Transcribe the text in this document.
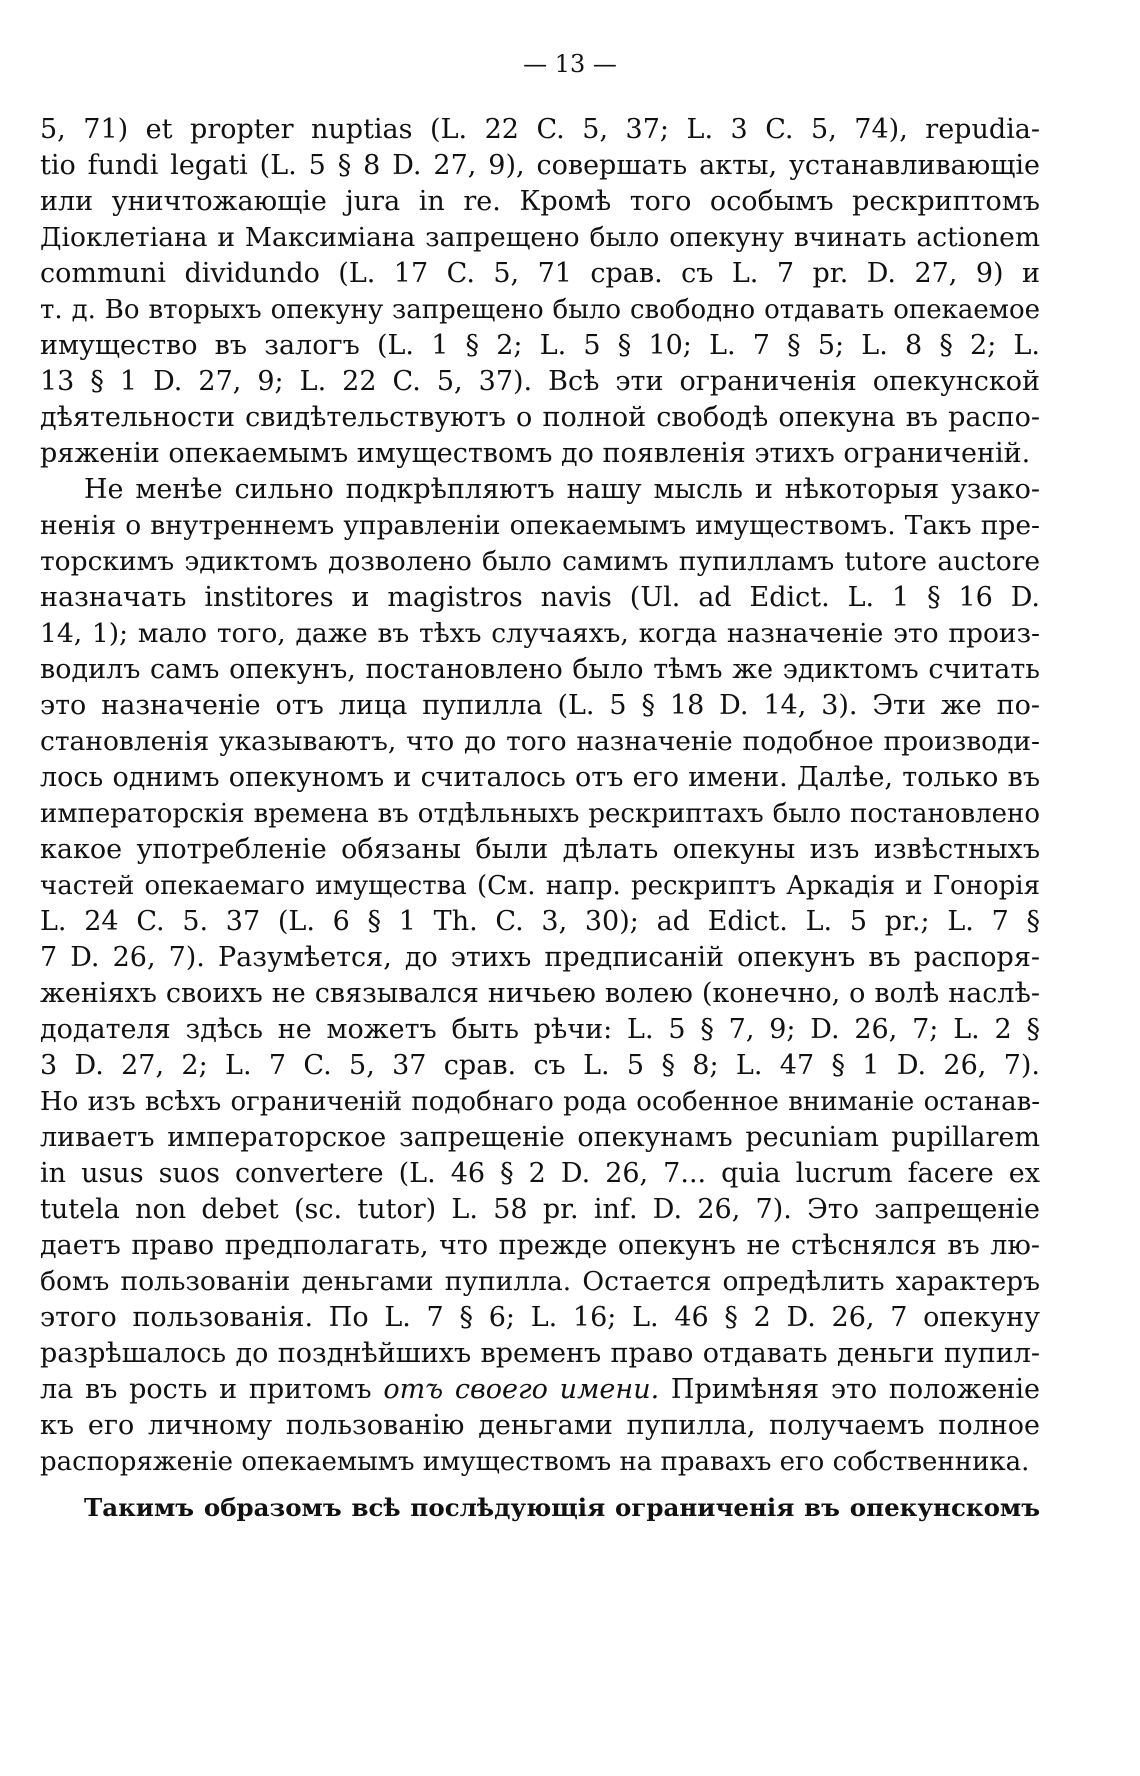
— 13 —
5, 71) et propter nuptias (L. 22 C. 5, 37; L. 3 C. 5, 74), repudia-
tio fundi legati (L. 5 § 8 D. 27, 9), совершать акты, устанавливающіе
или уничтожающіе jura in re. Кромѣ того особымъ рескриптомъ
Діоклетіана и Максиміана запрещено было опекуну вчинать actionem
communi dividundo (L. 17 C. 5, 71 срав. съ L. 7 pr. D. 27, 9) и
т. д. Во вторыхъ опекуну запрещено было свободно отдавать опекаемое
имущество въ залогъ (L. 1 § 2; L. 5 § 10; L. 7 § 5; L. 8 § 2; L.
13 § 1 D. 27, 9; L. 22 C. 5, 37). Всѣ эти ограниченія опекунской
дѣятельности свидѣтельствуютъ о полной свободѣ опекуна въ распо-
ряженіи опекаемымъ имуществомъ до появленія этихъ ограниченій.
Не менѣе сильно подкрѣпляютъ нашу мысль и нѣкоторыя узако-
ненія о внутреннемъ управленіи опекаемымъ имуществомъ. Такъ пре-
торскимъ эдиктомъ дозволено было самимъ пупилламъ tutore auctore
назначать institores и magistros navis (Ul. ad Edict. L. 1 § 16 D.
14, 1); мало того, даже въ тѣхъ случаяхъ, когда назначеніе это произ-
водилъ самъ опекунъ, постановлено было тѣмъ же эдиктомъ считать
это назначеніе отъ лица пупилла (L. 5 § 18 D. 14, 3). Эти же по-
становленія указываютъ, что до того назначеніе подобное производи-
лось однимъ опекуномъ и считалось отъ его имени. Далѣе, только въ
императорскія времена въ отдѣльныхъ рескриптахъ было постановлено
какое употребленіе обязаны были дѣлать опекуны изъ извѣстныхъ
частей опекаемаго имущества (См. напр. рескриптъ Аркадія и Гонорія
L. 24 C. 5. 37 (L. 6 § 1 Th. C. 3, 30); ad Edict. L. 5 pr.; L. 7 §
7 D. 26, 7). Разумѣется, до этихъ предписаній опекунъ въ распоря-
женіяхъ своихъ не связывался ничьею волею (конечно, о волѣ наслѣ-
додателя здѣсь не можетъ быть рѣчи: L. 5 § 7, 9; D. 26, 7; L. 2 §
3 D. 27, 2; L. 7 C. 5, 37 срав. съ L. 5 § 8; L. 47 § 1 D. 26, 7).
Но изъ всѣхъ ограниченій подобнаго рода особенное вниманіе останав-
ливаетъ императорское запрещеніе опекунамъ pecuniam pupillarem
in usus suos convertere (L. 46 § 2 D. 26, 7... quia lucrum facere ex
tutela non debet (sc. tutor) L. 58 pr. inf. D. 26, 7). Это запрещеніе
даетъ право предполагать, что прежде опекунъ не стѣснялся въ лю-
бомъ пользованіи деньгами пупилла. Остается опредѣлить характеръ
этого пользованія. По L. 7 § 6; L. 16; L. 46 § 2 D. 26, 7 опекуну
разрѣшалось до позднѣйшихъ временъ право отдавать деньги пупил-
ла въ рость и притомъ отъ своего имени. Примѣняя это положеніе
къ его личному пользованію деньгами пупилла, получаемъ полное
распоряженіе опекаемымъ имуществомъ на правахъ его собственника.
Такимъ образомъ всѣ послѣдующія ограниченія въ опекунскомъ
